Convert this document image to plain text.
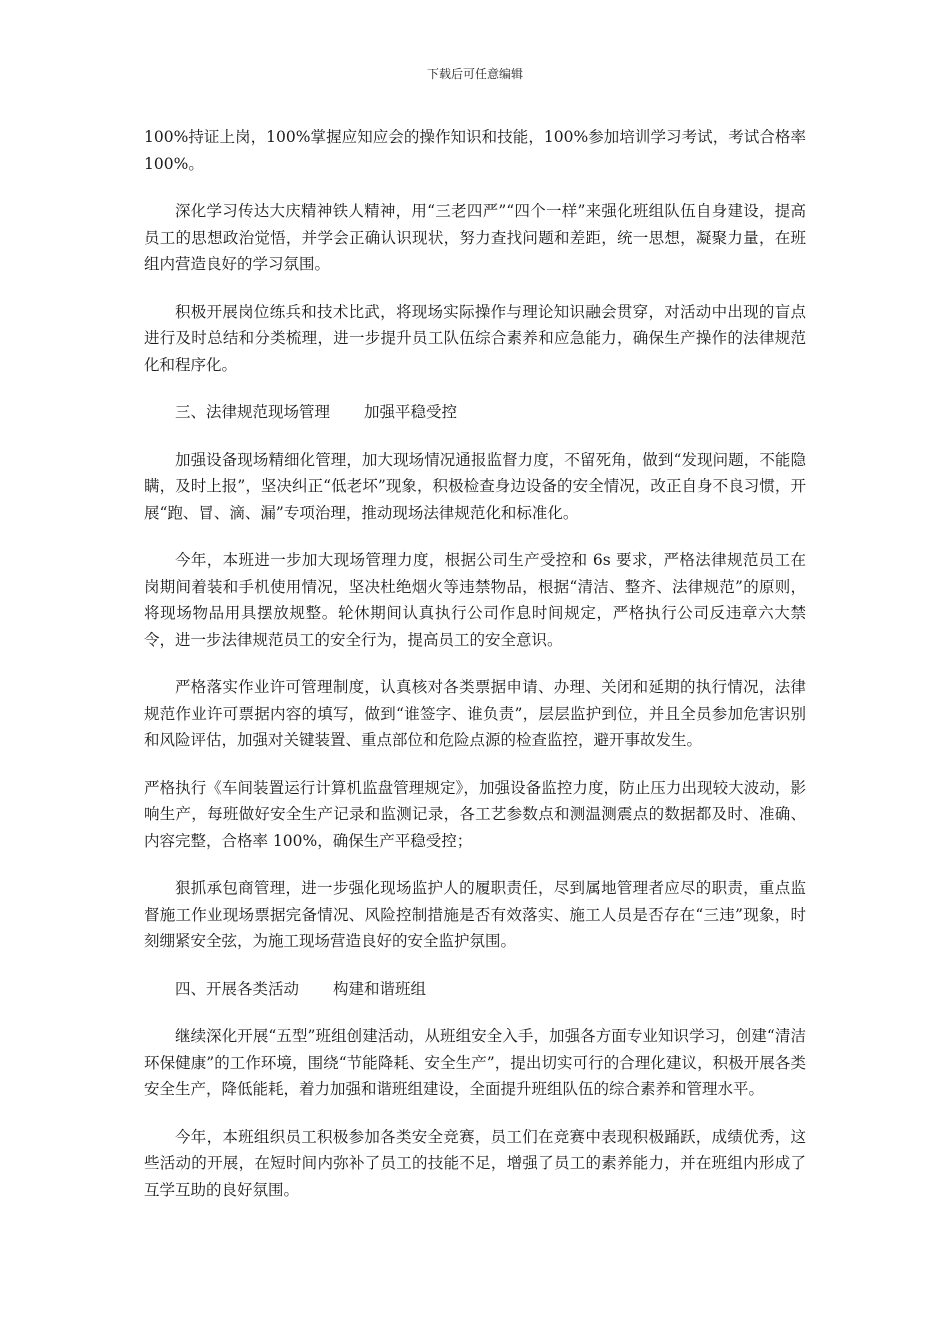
下载后可任意编辑

100%持证上岗，100%掌握应知应会的操作知识和技能，100%参加培训学习考试，考试合格率 100%。

深化学习传达大庆精神铁人精神，用“三老四严”“四个一样”来强化班组队伍自身建设，提高员工的思想政治觉悟，并学会正确认识现状，努力查找问题和差距，统一思想，凝聚力量，在班组内营造良好的学习氛围。

积极开展岗位练兵和技术比武，将现场实际操作与理论知识融会贯穿，对活动中出现的盲点进行及时总结和分类梳理，进一步提升员工队伍综合素养和应急能力，确保生产操作的法律规范化和程序化。

三、法律规范现场管理 加强平稳受控

加强设备现场精细化管理，加大现场情况通报监督力度，不留死角，做到“发现问题，不能隐瞒，及时上报”，坚决纠正“低老坏”现象，积极检查身边设备的安全情况，改正自身不良习惯，开展“跑、冒、滴、漏”专项治理，推动现场法律规范化和标准化。

今年，本班进一步加大现场管理力度，根据公司生产受控和 6s 要求，严格法律规范员工在岗期间着装和手机使用情况，坚决杜绝烟火等违禁物品，根据“清洁、整齐、法律规范”的原则，将现场物品用具摆放规整。轮休期间认真执行公司作息时间规定，严格执行公司反违章六大禁令，进一步法律规范员工的安全行为，提高员工的安全意识。

严格落实作业许可管理制度，认真核对各类票据申请、办理、关闭和延期的执行情况，法律规范作业许可票据内容的填写，做到“谁签字、谁负责”，层层监护到位，并且全员参加危害识别和风险评估，加强对关键装置、重点部位和危险点源的检查监控，避开事故发生。

严格执行《车间装置运行计算机监盘管理规定》，加强设备监控力度，防止压力出现较大波动，影响生产，每班做好安全生产记录和监测记录，各工艺参数点和测温测震点的数据都及时、准确、内容完整，合格率 100%，确保生产平稳受控；

狠抓承包商管理，进一步强化现场监护人的履职责任，尽到属地管理者应尽的职责，重点监督施工作业现场票据完备情况、风险控制措施是否有效落实、施工人员是否存在“三违”现象，时刻绷紧安全弦，为施工现场营造良好的安全监护氛围。

四、开展各类活动 构建和谐班组

继续深化开展“五型”班组创建活动，从班组安全入手，加强各方面专业知识学习，创建“清洁环保健康”的工作环境，围绕“节能降耗、安全生产”，提出切实可行的合理化建议，积极开展各类安全生产，降低能耗，着力加强和谐班组建设，全面提升班组队伍的综合素养和管理水平。

今年，本班组织员工积极参加各类安全竞赛，员工们在竞赛中表现积极踊跃，成绩优秀，这些活动的开展，在短时间内弥补了员工的技能不足，增强了员工的素养能力，并在班组内形成了互学互助的良好氛围。
